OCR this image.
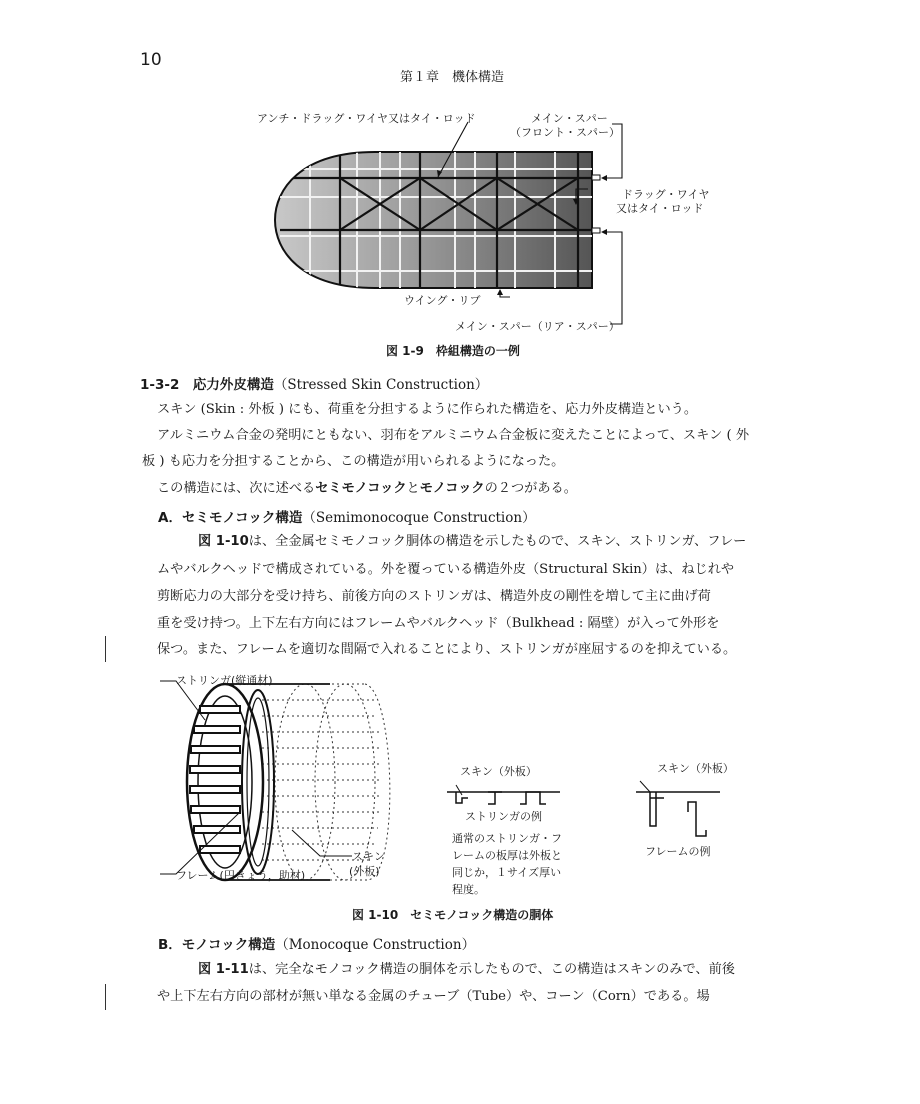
10
第１章　機体構造
アンチ・ドラッグ・ワイヤ又はタイ・ロッド	メイン・スパー
（フロント・スパー）
ドラッグ・ワイヤ
又はタイ・ロッド
ウイング・リブ
メイン・スパー（リア・スパー）
図 1-9　枠組構造の一例
1-3-2　応力外皮構造（Stressed Skin Construction）
スキン (Skin : 外板 ) にも、荷重を分担するように作られた構造を、応力外皮構造という。
アルミニウム合金の発明にともない、羽布をアルミニウム合金板に変えたことによって、スキン ( 外
板 ) も応力を分担することから、この構造が用いられるようになった。
この構造には、次に述べるセミモノコックとモノコックの２つがある。
A．セミモノコック構造（Semimonocoque Construction）
図 1-10は、全金属セミモノコック胴体の構造を示したもので、スキン、ストリンガ、フレー
ムやバルクヘッドで構成されている。外を覆っている構造外皮（Structural Skin）は、ねじれや
剪断応力の大部分を受け持ち、前後方向のストリンガは、構造外皮の剛性を増して主に曲げ荷
重を受け持つ。上下左右方向にはフレームやバルクヘッド（Bulkhead : 隔壁）が入って外形を
保つ。また、フレームを適切な間隔で入れることにより、ストリンガが座屈するのを抑えている。
ストリンガ(縦通材)
フレーム(円きょう，助材)
スキン
(外板)
スキン（外板）
ストリンガの例
通常のストリンガ・フ
レームの板厚は外板と
同じか，１サイズ厚い
程度。
スキン（外板）
フレームの例
図 1-10　セミモノコック構造の胴体
B．モノコック構造（Monocoque Construction）
図 1-11は、完全なモノコック構造の胴体を示したもので、この構造はスキンのみで、前後
や上下左右方向の部材が無い単なる金属のチューブ（Tube）や、コーン（Corn）である。場
